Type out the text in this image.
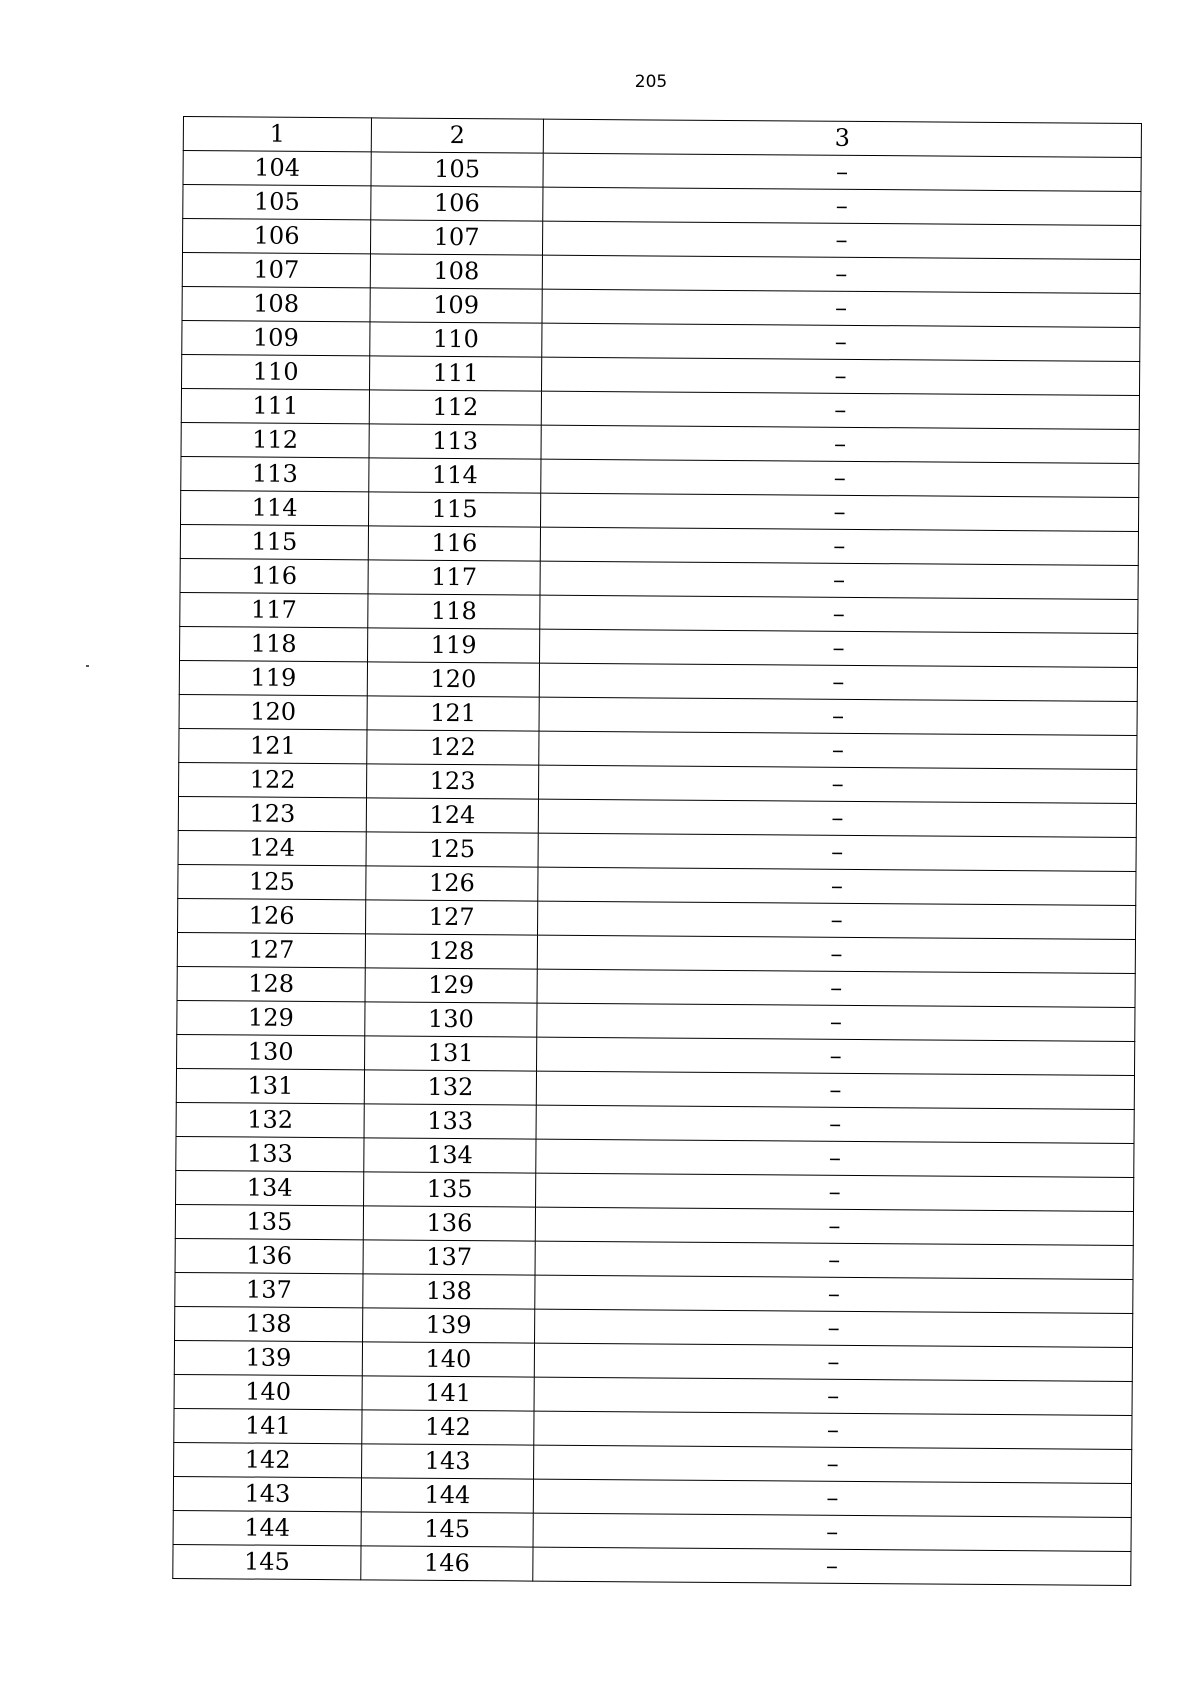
205
1	2	3
104	105	–
105	106	–
106	107	–
107	108	–
108	109	–
109	110	–
110	111	–
111	112	–
112	113	–
113	114	–
114	115	–
115	116	–
116	117	–
117	118	–
118	119	–
119	120	–
120	121	–
121	122	–
122	123	–
123	124	–
124	125	–
125	126	–
126	127	–
127	128	–
128	129	–
129	130	–
130	131	–
131	132	–
132	133	–
133	134	–
134	135	–
135	136	–
136	137	–
137	138	–
138	139	–
139	140	–
140	141	–
141	142	–
142	143	–
143	144	–
144	145	–
145	146	–
